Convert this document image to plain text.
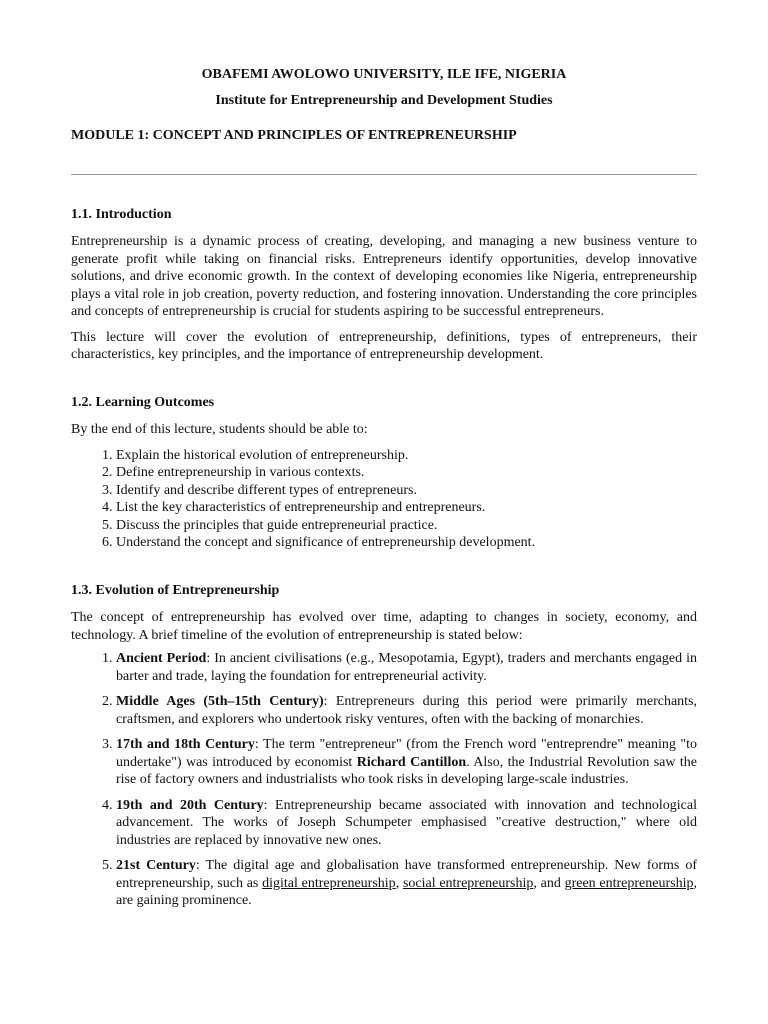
OBAFEMI AWOLOWO UNIVERSITY, ILE IFE, NIGERIA

Institute for Entrepreneurship and Development Studies

MODULE 1: CONCEPT AND PRINCIPLES OF ENTREPRENEURSHIP

1.1. Introduction

Entrepreneurship is a dynamic process of creating, developing, and managing a new business venture to generate profit while taking on financial risks. Entrepreneurs identify opportunities, develop innovative solutions, and drive economic growth. In the context of developing economies like Nigeria, entrepreneurship plays a vital role in job creation, poverty reduction, and fostering innovation. Understanding the core principles and concepts of entrepreneurship is crucial for students aspiring to be successful entrepreneurs.

This lecture will cover the evolution of entrepreneurship, definitions, types of entrepreneurs, their characteristics, key principles, and the importance of entrepreneurship development.

1.2. Learning Outcomes

By the end of this lecture, students should be able to:

1. Explain the historical evolution of entrepreneurship.
2. Define entrepreneurship in various contexts.
3. Identify and describe different types of entrepreneurs.
4. List the key characteristics of entrepreneurship and entrepreneurs.
5. Discuss the principles that guide entrepreneurial practice.
6. Understand the concept and significance of entrepreneurship development.
1.3. Evolution of Entrepreneurship

The concept of entrepreneurship has evolved over time, adapting to changes in society, economy, and technology. A brief timeline of the evolution of entrepreneurship is stated below:

1. Ancient Period: In ancient civilisations (e.g., Mesopotamia, Egypt), traders and merchants engaged in barter and trade, laying the foundation for entrepreneurial activity.
2. Middle Ages (5th–15th Century): Entrepreneurs during this period were primarily merchants, craftsmen, and explorers who undertook risky ventures, often with the backing of monarchies.
3. 17th and 18th Century: The term "entrepreneur" (from the French word "entreprendre" meaning "to undertake") was introduced by economist Richard Cantillon. Also, the Industrial Revolution saw the rise of factory owners and industrialists who took risks in developing large-scale industries.
4. 19th and 20th Century: Entrepreneurship became associated with innovation and technological advancement. The works of Joseph Schumpeter emphasised "creative destruction," where old industries are replaced by innovative new ones.
5. 21st Century: The digital age and globalisation have transformed entrepreneurship. New forms of entrepreneurship, such as digital entrepreneurship, social entrepreneurship, and green entrepreneurship, are gaining prominence.
